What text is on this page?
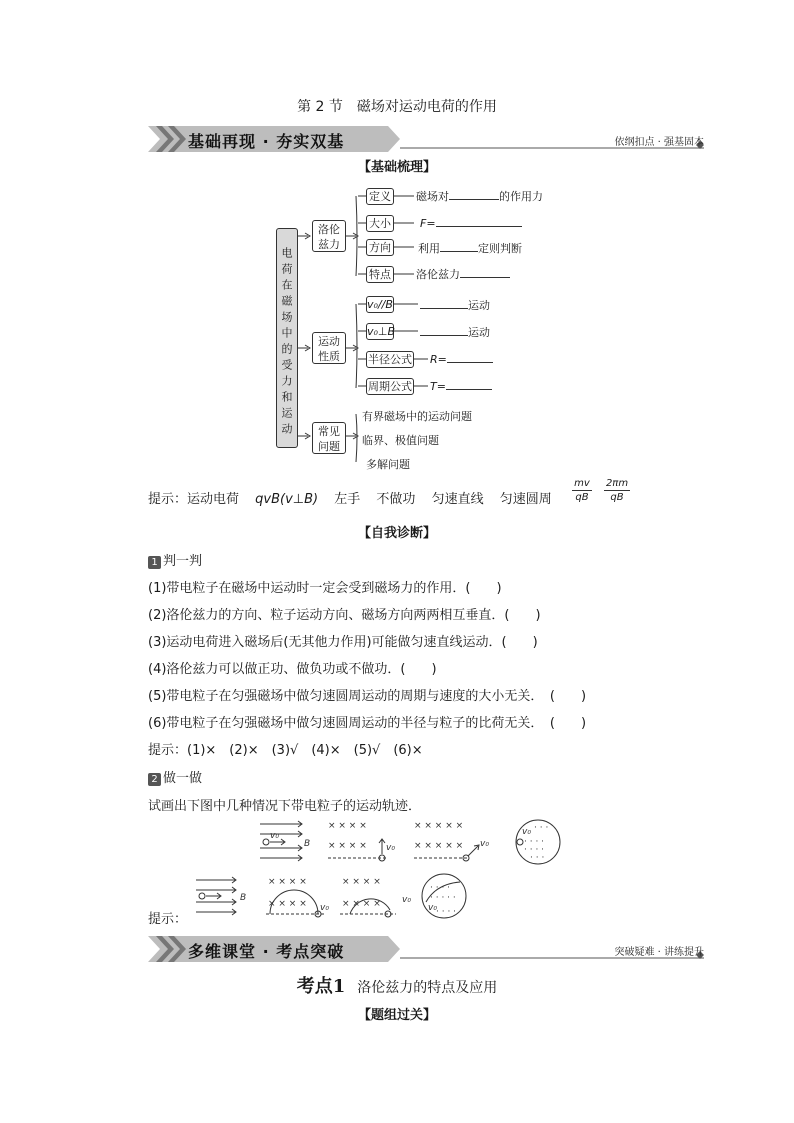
第 2 节　磁场对运动电荷的作用
基础再现 · 夯实双基	依纲扣点 · 强基固本
【基础梳理】
电荷在磁场中的受力和运动
洛伦兹力
运动性质
常见问题
定义
大小
方向
特点
磁场对	的作用力
F=
利用	定则判断
洛伦兹力
v₀//B
v₀⊥B
半径公式
周期公式
运动
运动
R=
T=
有界磁场中的运动问题
临界、极值问题
多解问题
提示：运动电荷 qvB(v⊥B) 左手 不做功 匀速直线 匀速圆周
mv
qB
2πm
qB
【自我诊断】
1 判一判
(1)带电粒子在磁场中运动时一定会受到磁场力的作用．(　　)
(2)洛伦兹力的方向、粒子运动方向、磁场方向两两相互垂直．(　　)
(3)运动电荷进入磁场后(无其他力作用)可能做匀速直线运动．(　　)
(4)洛伦兹力可以做正功、做负功或不做功．(　　)
(5)带电粒子在匀强磁场中做匀速圆周运动的周期与速度的大小无关．　(　　)
(6)带电粒子在匀强磁场中做匀速圆周运动的半径与粒子的比荷无关．　(　　)
提示：(1)×　(2)×　(3)√　(4)×　(5)√　(6)×
2 做一做
试画出下图中几种情况下带电粒子的运动轨迹．
v₀
B
× × × ×
× × × × v₀
× × × × ×
× × × × × v₀
v₀
· · · ·
· · · ·
· · ·
· · ·
提示：
B
× × × ×
× × × × v₀
× × × ×
× × × × v₀
v₀
· · · ·
· · · · ·
· · · ·
多维课堂 · 考点突破	突破疑难 · 讲练提升
考点1 洛伦兹力的特点及应用
【题组过关】
